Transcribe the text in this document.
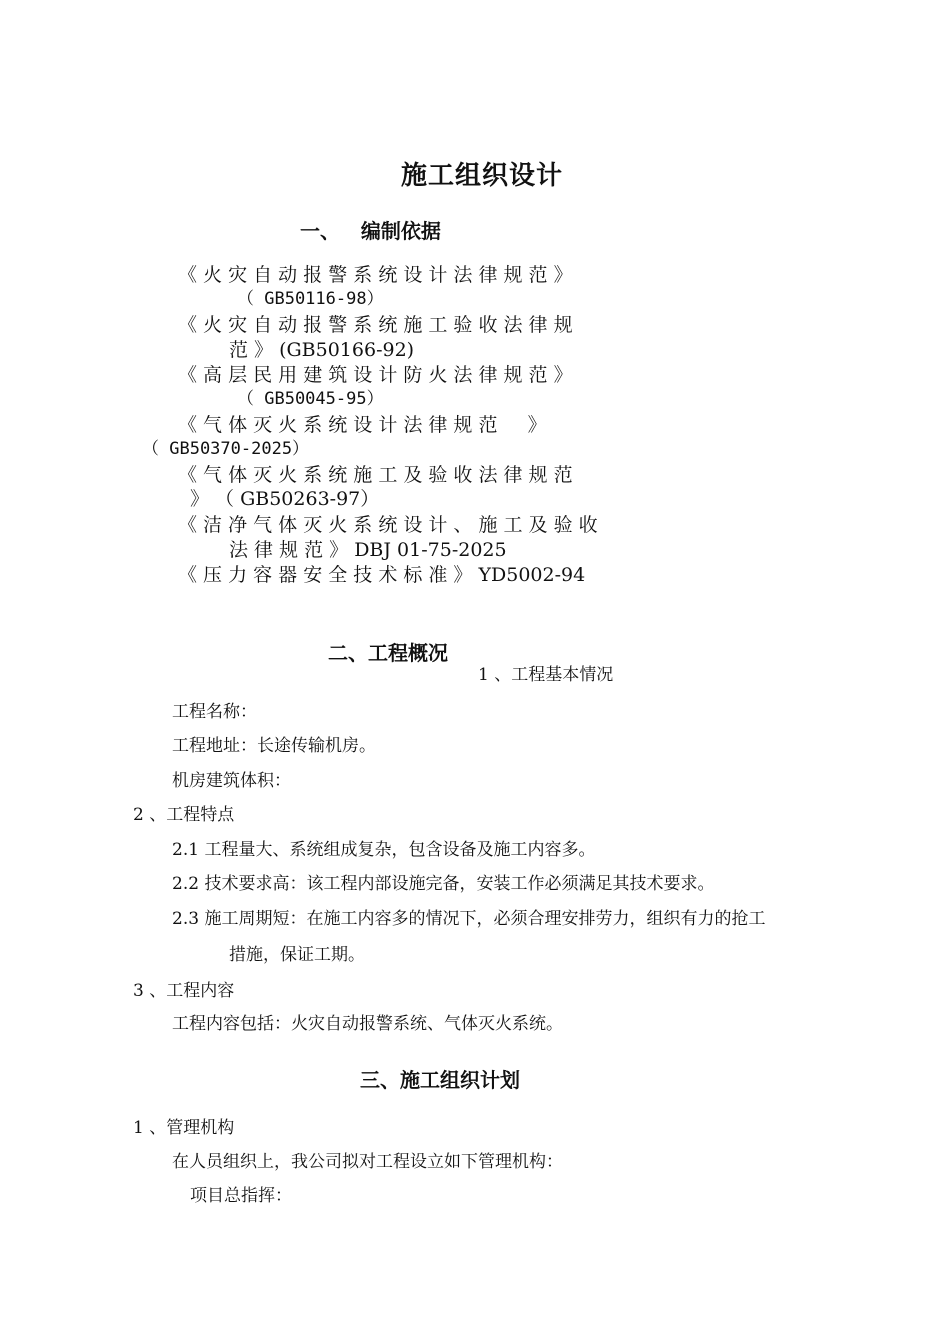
施工组织设计
一、   编制依据
《 火 灾 自 动 报 警 系 统 设 计 法 律 规 范 》
（ GB50116-98）
《 火 灾 自 动 报 警 系 统 施 工 验 收 法 律 规
范 》 (GB50166-92)
《 高 层 民 用 建 筑 设 计 防 火 法 律 规 范 》
（ GB50045-95）
《 气 体 灭 火 系 统 设 计 法 律 规 范     》
（ GB50370-2025）
《 气 体 灭 火 系 统 施 工 及 验 收 法 律 规 范
》 （ GB50263-97）
《 洁 净 气 体 灭 火 系 统 设 计 、 施 工 及 验 收
法 律 规 范 》 DBJ 01-75-2025
《 压 力 容 器 安 全 技 术 标 准 》 YD5002-94
二、工程概况
1 、工程基本情况
工程名称：
工程地址：长途传输机房。
机房建筑体积：
2 、工程特点
2.1 工程量大、系统组成复杂，包含设备及施工内容多。
2.2 技术要求高：该工程内部设施完备，安装工作必须满足其技术要求。
2.3 施工周期短：在施工内容多的情况下，必须合理安排劳力，组织有力的抢工
措施，保证工期。
3 、工程内容
工程内容包括：火灾自动报警系统、气体灭火系统。
三、施工组织计划
1 、管理机构
在人员组织上，我公司拟对工程设立如下管理机构：
项目总指挥：
